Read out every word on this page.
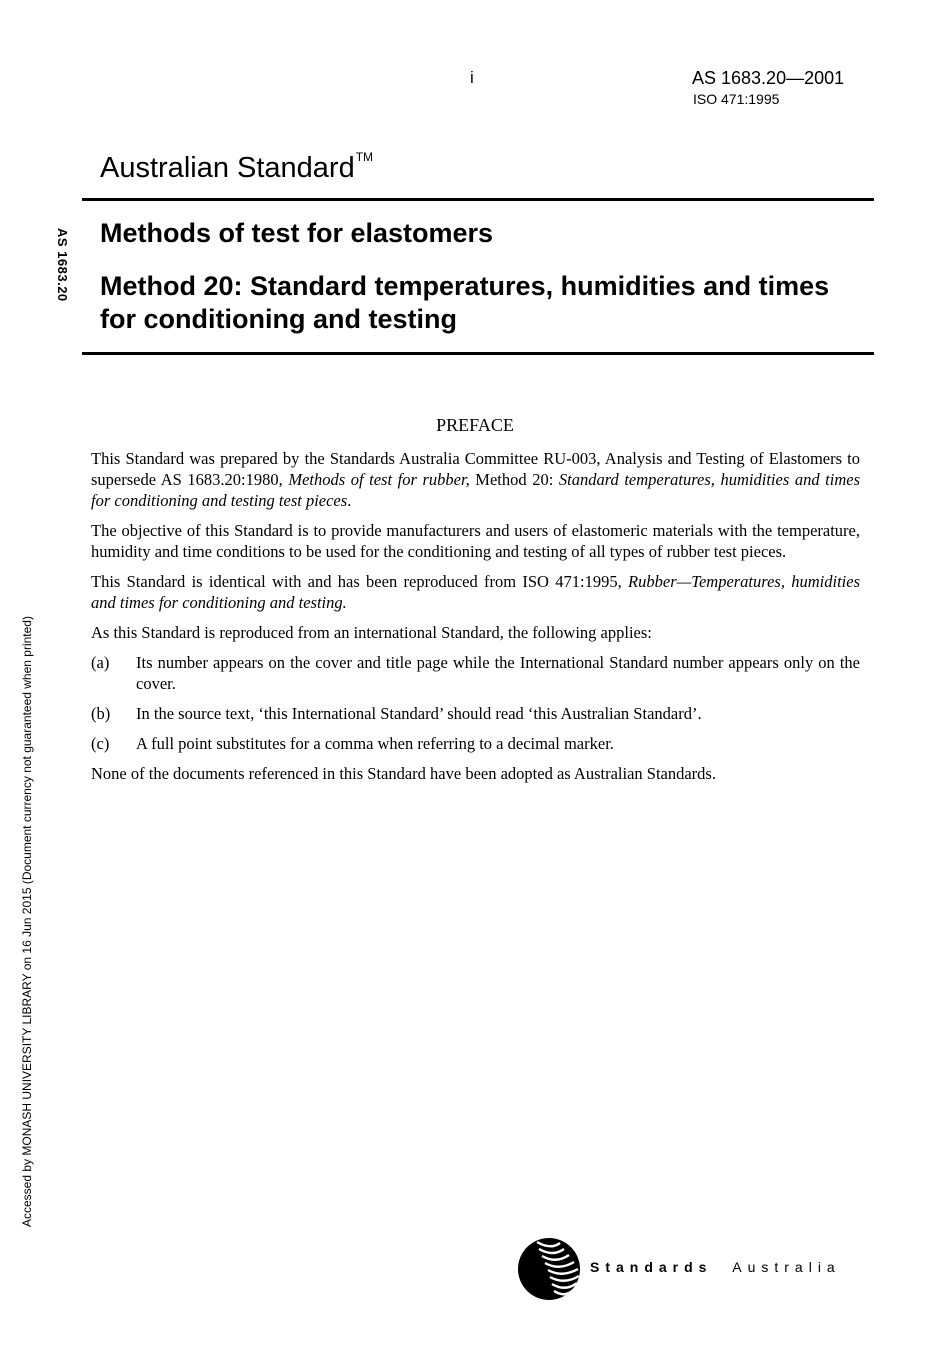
i	AS 1683.20—2001
ISO 471:1995
Australian Standard™
Methods of test for elastomers
Method 20: Standard temperatures, humidities and times for conditioning and testing
AS 1683.20
Accessed by MONASH UNIVERSITY LIBRARY on 16 Jun 2015 (Document currency not guaranteed when printed)
PREFACE

This Standard was prepared by the Standards Australia Committee RU-003, Analysis and Testing of Elastomers to supersede AS 1683.20:1980, Methods of test for rubber, Method 20: Standard temperatures, humidities and times for conditioning and testing test pieces.

The objective of this Standard is to provide manufacturers and users of elastomeric materials with the temperature, humidity and time conditions to be used for the conditioning and testing of all types of rubber test pieces.

This Standard is identical with and has been reproduced from ISO 471:1995, Rubber—Temperatures, humidities and times for conditioning and testing.

As this Standard is reproduced from an international Standard, the following applies:

(a)	Its number appears on the cover and title page while the International Standard number appears only on the cover.
(b)	In the source text, ‘this International Standard’ should read ‘this Australian Standard’.
(c)	A full point substitutes for a comma when referring to a decimal marker.

None of the documents referenced in this Standard have been adopted as Australian Standards.

Standards Australia
